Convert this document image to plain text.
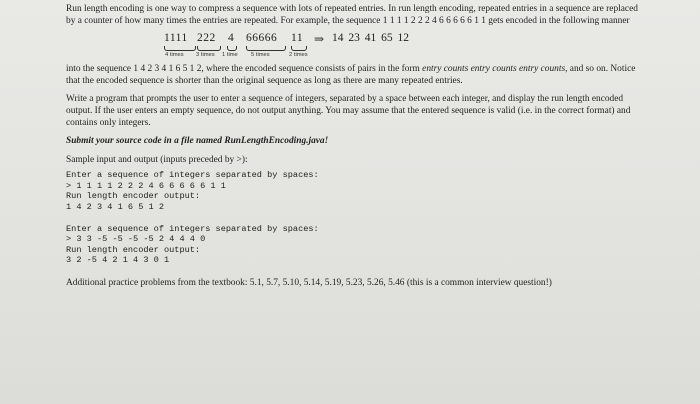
Run length encoding is one way to compress a sequence with lots of repeated entries. In run length encoding, repeated entries in a sequence are replaced by a counter of how many times the entries are repeated. For example, the sequence 1 1 1 1 2 2 2 4 6 6 6 6 6 1 1 gets encoded in the following manner

1111 222 4 66666 11
4 times 3 times 1 time 5 times	2 times
⇒ 14 23 41 65 12

into the sequence 1 4 2 3 4 1 6 5 1 2, where the encoded sequence consists of pairs in the form entry counts entry counts entry counts, and so on. Notice that the encoded sequence is shorter than the original sequence as long as there are many repeated entries.

Write a program that prompts the user to enter a sequence of integers, separated by a space between each integer, and display the run length encoded output. If the user enters an empty sequence, do not output anything. You may assume that the entered sequence is valid (i.e. in the correct format) and contains only integers.

Submit your source code in a file named RunLengthEncoding.java!

Sample input and output (inputs preceded by >):

Enter a sequence of integers separated by spaces:

> 1 1 1 1 2 2 2 4 6 6 6 6 6 1 1

Run length encoder output:

1 4 2 3 4 1 6 5 1 2

Enter a sequence of integers separated by spaces:

> 3 3 -5 -5 -5 -5 2 4 4 4 0

Run length encoder output:

3 2 -5 4 2 1 4 3 0 1

Additional practice problems from the textbook: 5.1, 5.7, 5.10, 5.14, 5.19, 5.23, 5.26, 5.46 (this is a common interview question!)
